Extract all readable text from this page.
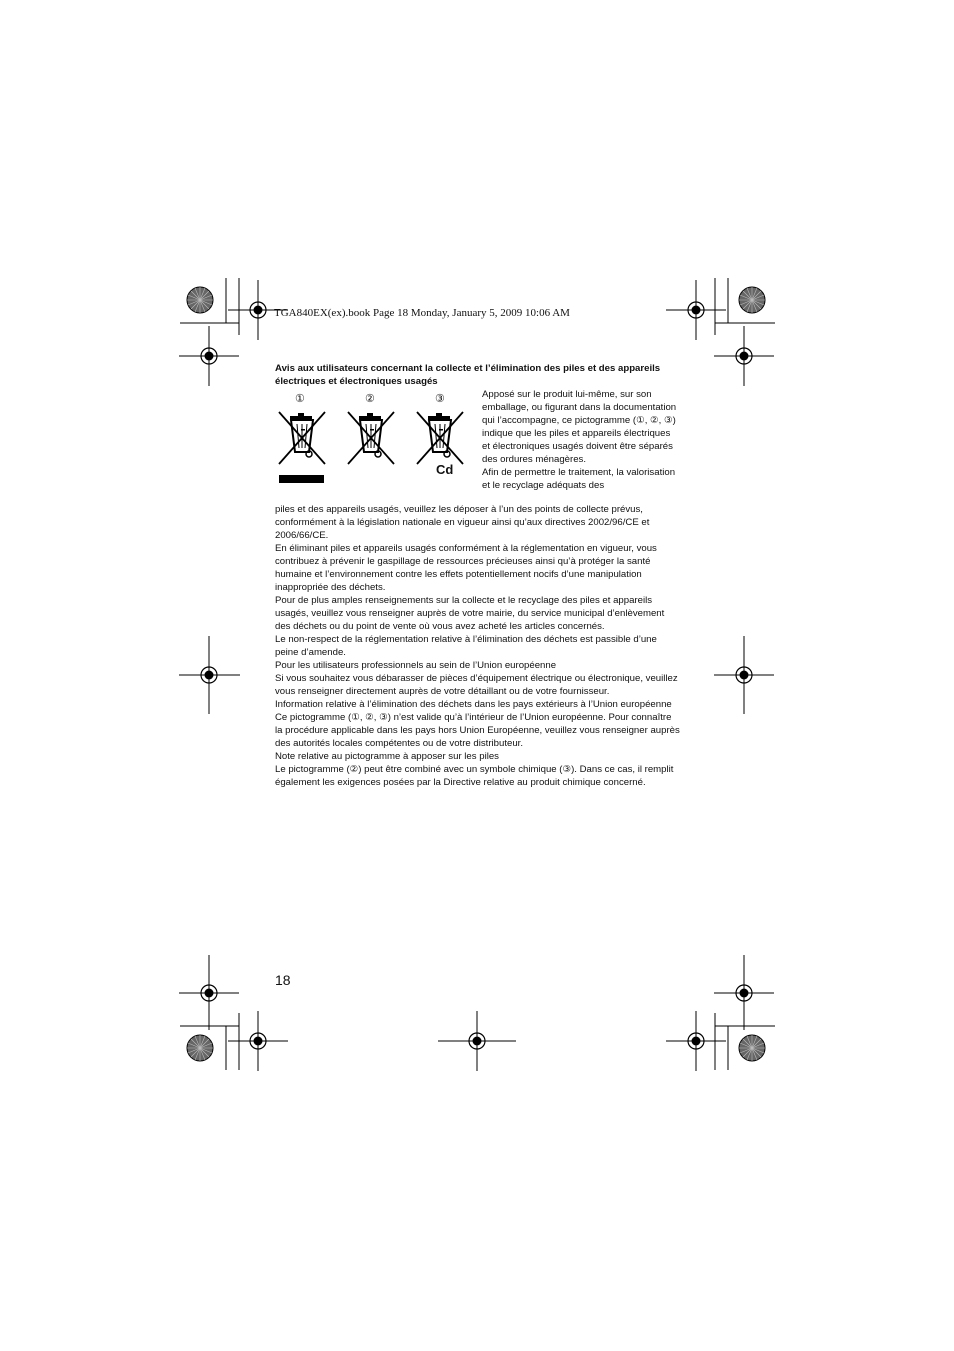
TGA840EX(ex).book Page 18 Monday, January 5, 2009 10:06 AM

Avis aux utilisateurs concernant la collecte et l’élimination des piles et des appareils électriques et électroniques usagés

①	②	③
Cd

Apposé sur le produit lui-même, sur son emballage, ou figurant dans la documentation qui l’accompagne, ce pictogramme (①, ②, ③) indique que les piles et appareils électriques et électroniques usagés doivent être séparés des ordures ménagères.

Afin de permettre le traitement, la valorisation et le recyclage adéquats des

piles et des appareils usagés, veuillez les déposer à l’un des points de collecte prévus, conformément à la législation nationale en vigueur ainsi qu’aux directives 2002/96/CE et 2006/66/CE.

En éliminant piles et appareils usagés conformément à la réglementation en vigueur, vous contribuez à prévenir le gaspillage de ressources précieuses ainsi qu’à protéger la santé humaine et l’environnement contre les effets potentiellement nocifs d’une manipulation inappropriée des déchets.

Pour de plus amples renseignements sur la collecte et le recyclage des piles et appareils usagés, veuillez vous renseigner auprès de votre mairie, du service municipal d’enlèvement des déchets ou du point de vente où vous avez acheté les articles concernés.

Le non-respect de la réglementation relative à l’élimination des déchets est passible d’une peine d’amende.

Pour les utilisateurs professionnels au sein de l’Union européenne

Si vous souhaitez vous débarasser de pièces d’équipement électrique ou électronique, veuillez vous renseigner directement auprès de votre détaillant ou de votre fournisseur.

Information relative à l’élimination des déchets dans les pays extérieurs à l’Union européenne

Ce pictogramme (①, ②, ③) n’est valide qu’à l’intérieur de l’Union européenne. Pour connaître la procédure applicable dans les pays hors Union Européenne, veuillez vous renseigner auprès des autorités locales compétentes ou de votre distributeur.

Note relative au pictogramme à apposer sur les piles

Le pictogramme (②) peut être combiné avec un symbole chimique (③). Dans ce cas, il remplit également les exigences posées par la Directive relative au produit chimique concerné.

18
